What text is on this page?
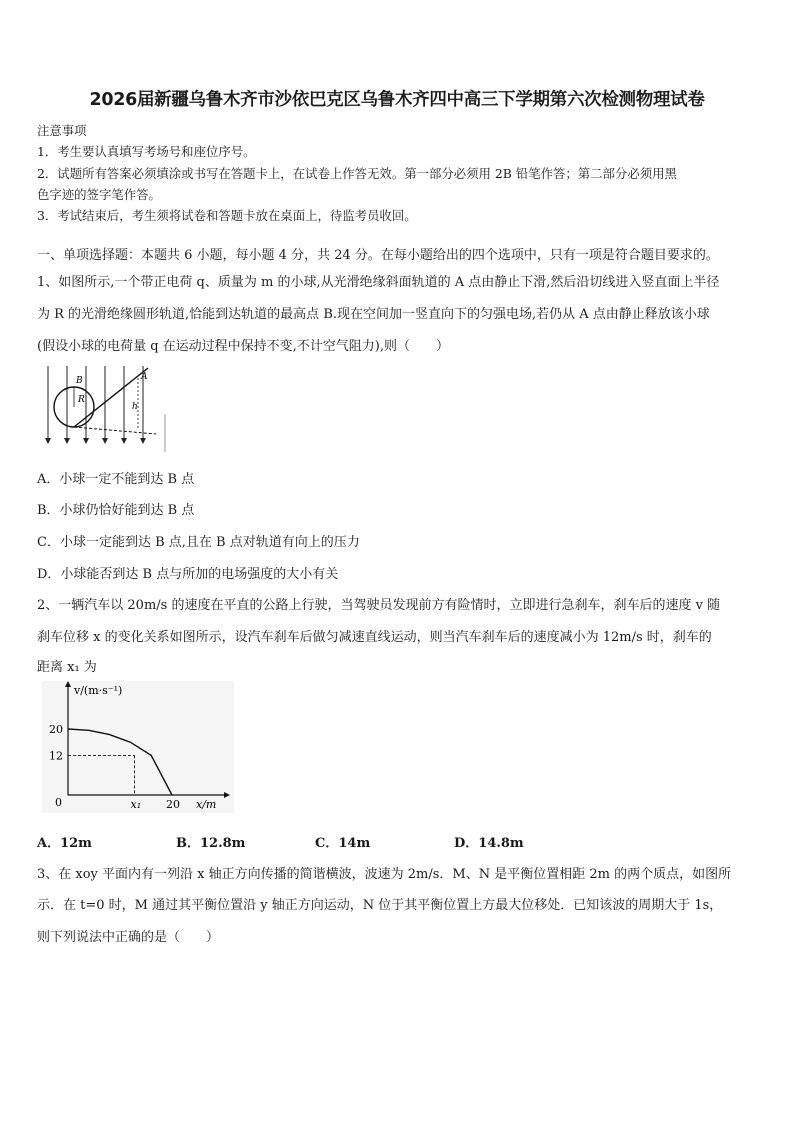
2026届新疆乌鲁木齐市沙依巴克区乌鲁木齐四中高三下学期第六次检测物理试卷
注意事项
1．考生要认真填写考场号和座位序号。
2．试题所有答案必须填涂或书写在答题卡上，在试卷上作答无效。第一部分必须用 2B 铅笔作答；第二部分必须用黑
色字迹的签字笔作答。
3．考试结束后，考生须将试卷和答题卡放在桌面上，待监考员收回。
一、单项选择题：本题共 6 小题，每小题 4 分，共 24 分。在每小题给出的四个选项中，只有一项是符合题目要求的。
1、如图所示,一个带正电荷 q、质量为 m 的小球,从光滑绝缘斜面轨道的 A 点由静止下滑,然后沿切线进入竖直面上半径
为 R 的光滑绝缘圆形轨道,恰能到达轨道的最高点 B.现在空间加一竖直向下的匀强电场,若仍从 A 点由静止释放该小球
(假设小球的电荷量 q 在运动过程中保持不变,不计空气阻力),则（　　）
B
R
A
h
A．小球一定不能到达 B 点
B．小球仍恰好能到达 B 点
C．小球一定能到达 B 点,且在 B 点对轨道有向上的压力
D．小球能否到达 B 点与所加的电场强度的大小有关
2、一辆汽车以 20m/s 的速度在平直的公路上行驶，当驾驶员发现前方有险情时，立即进行急刹车，刹车后的速度 v 随
刹车位移 x 的变化关系如图所示，设汽车刹车后做匀减速直线运动，则当汽车刹车后的速度减小为 12m/s 时，刹车的
距离 x₁ 为
v/(m·s⁻¹)
x/m
0
20
12
x₁ 20
A．12m	B．12.8m	C．14m	D．14.8m
3、在 xoy 平面内有一列沿 x 轴正方向传播的简谐横波，波速为 2m/s．M、N 是平衡位置相距 2m 的两个质点，如图所
示．在 t=0 时，M 通过其平衡位置沿 y 轴正方向运动，N 位于其平衡位置上方最大位移处．已知该波的周期大于 1s，
则下列说法中正确的是（　　）
